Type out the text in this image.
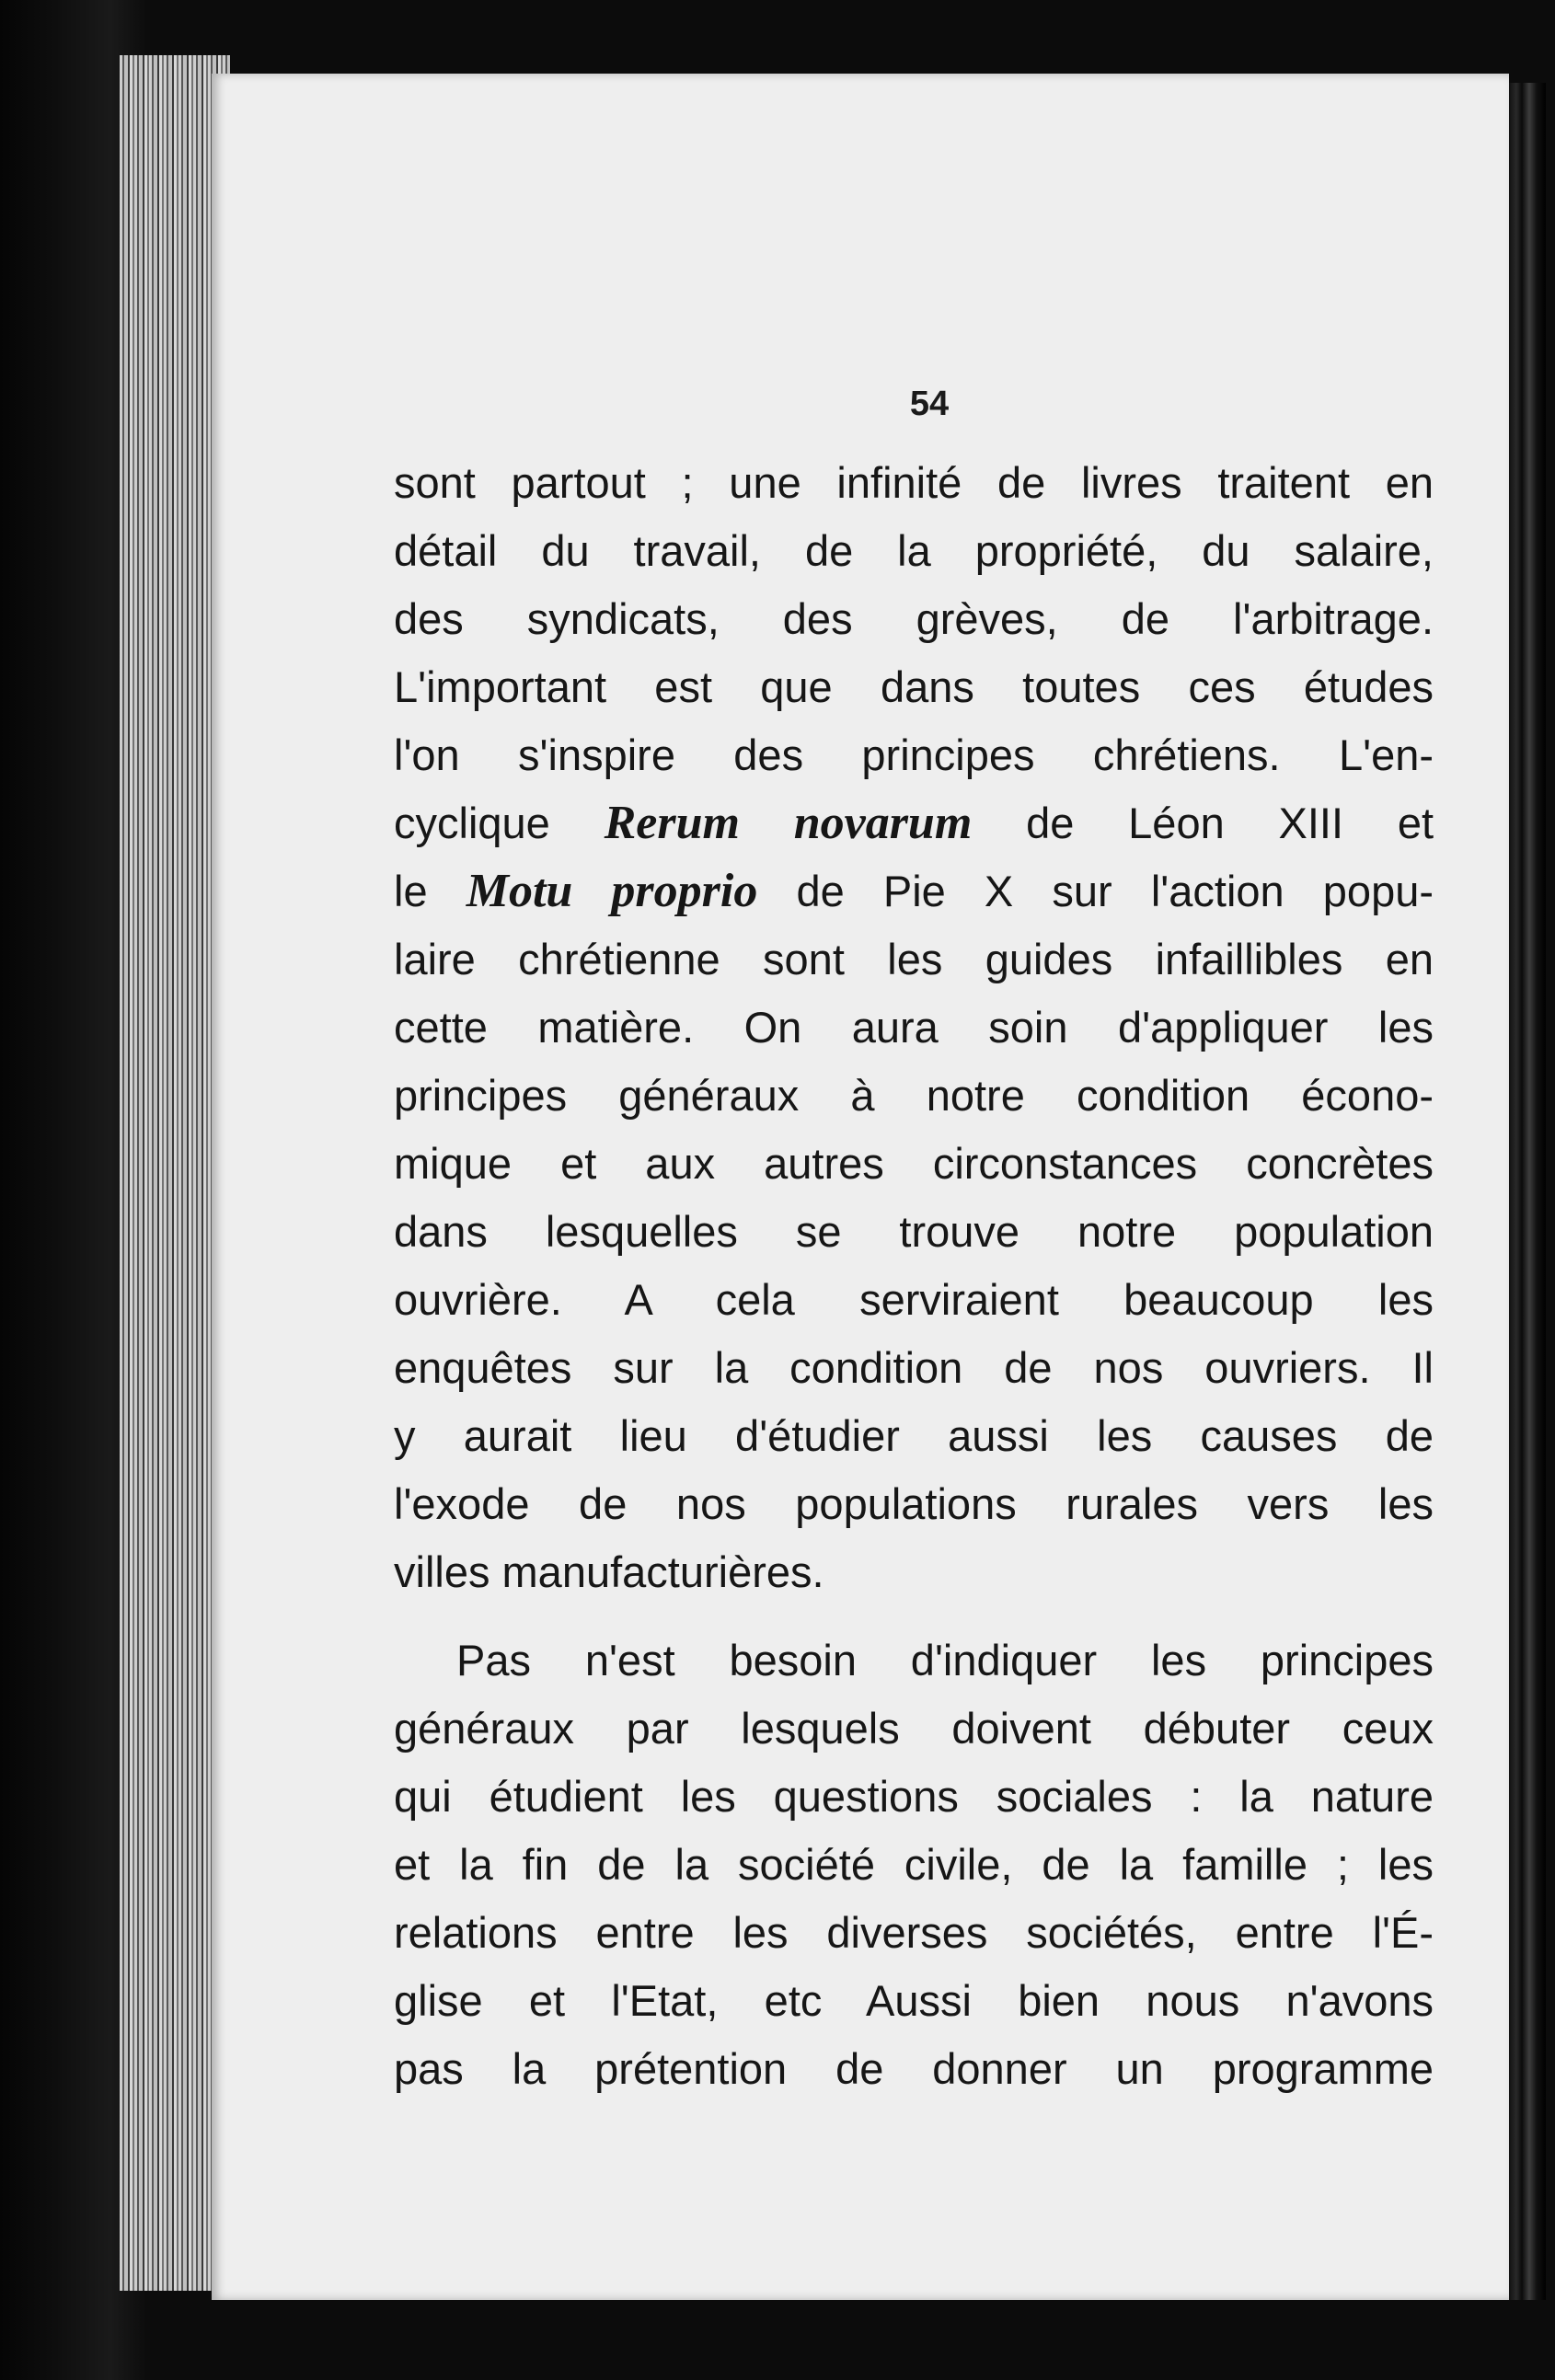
54
sont partout ; une infinité de livres traitent en
détail du travail, de la propriété, du salaire,
des syndicats, des grèves, de l'arbitrage.
L'important est que dans toutes ces études
l'on s'inspire des principes chrétiens. L'en-
cyclique Rerum novarum de Léon XIII et
le Motu proprio de Pie X sur l'action popu-
laire chrétienne sont les guides infaillibles en
cette matière. On aura soin d'appliquer les
principes généraux à notre condition écono-
mique et aux autres circonstances concrètes
dans lesquelles se trouve notre population
ouvrière. A cela serviraient beaucoup les
enquêtes sur la condition de nos ouvriers. Il
y aurait lieu d'étudier aussi les causes de
l'exode de nos populations rurales vers les
villes manufacturières.
Pas n'est besoin d'indiquer les principes
généraux par lesquels doivent débuter ceux
qui étudient les questions sociales : la nature
et la fin de la société civile, de la famille ; les
relations entre les diverses sociétés, entre l'É-
glise et l'Etat, etc Aussi bien nous n'avons
pas la prétention de donner un programme
